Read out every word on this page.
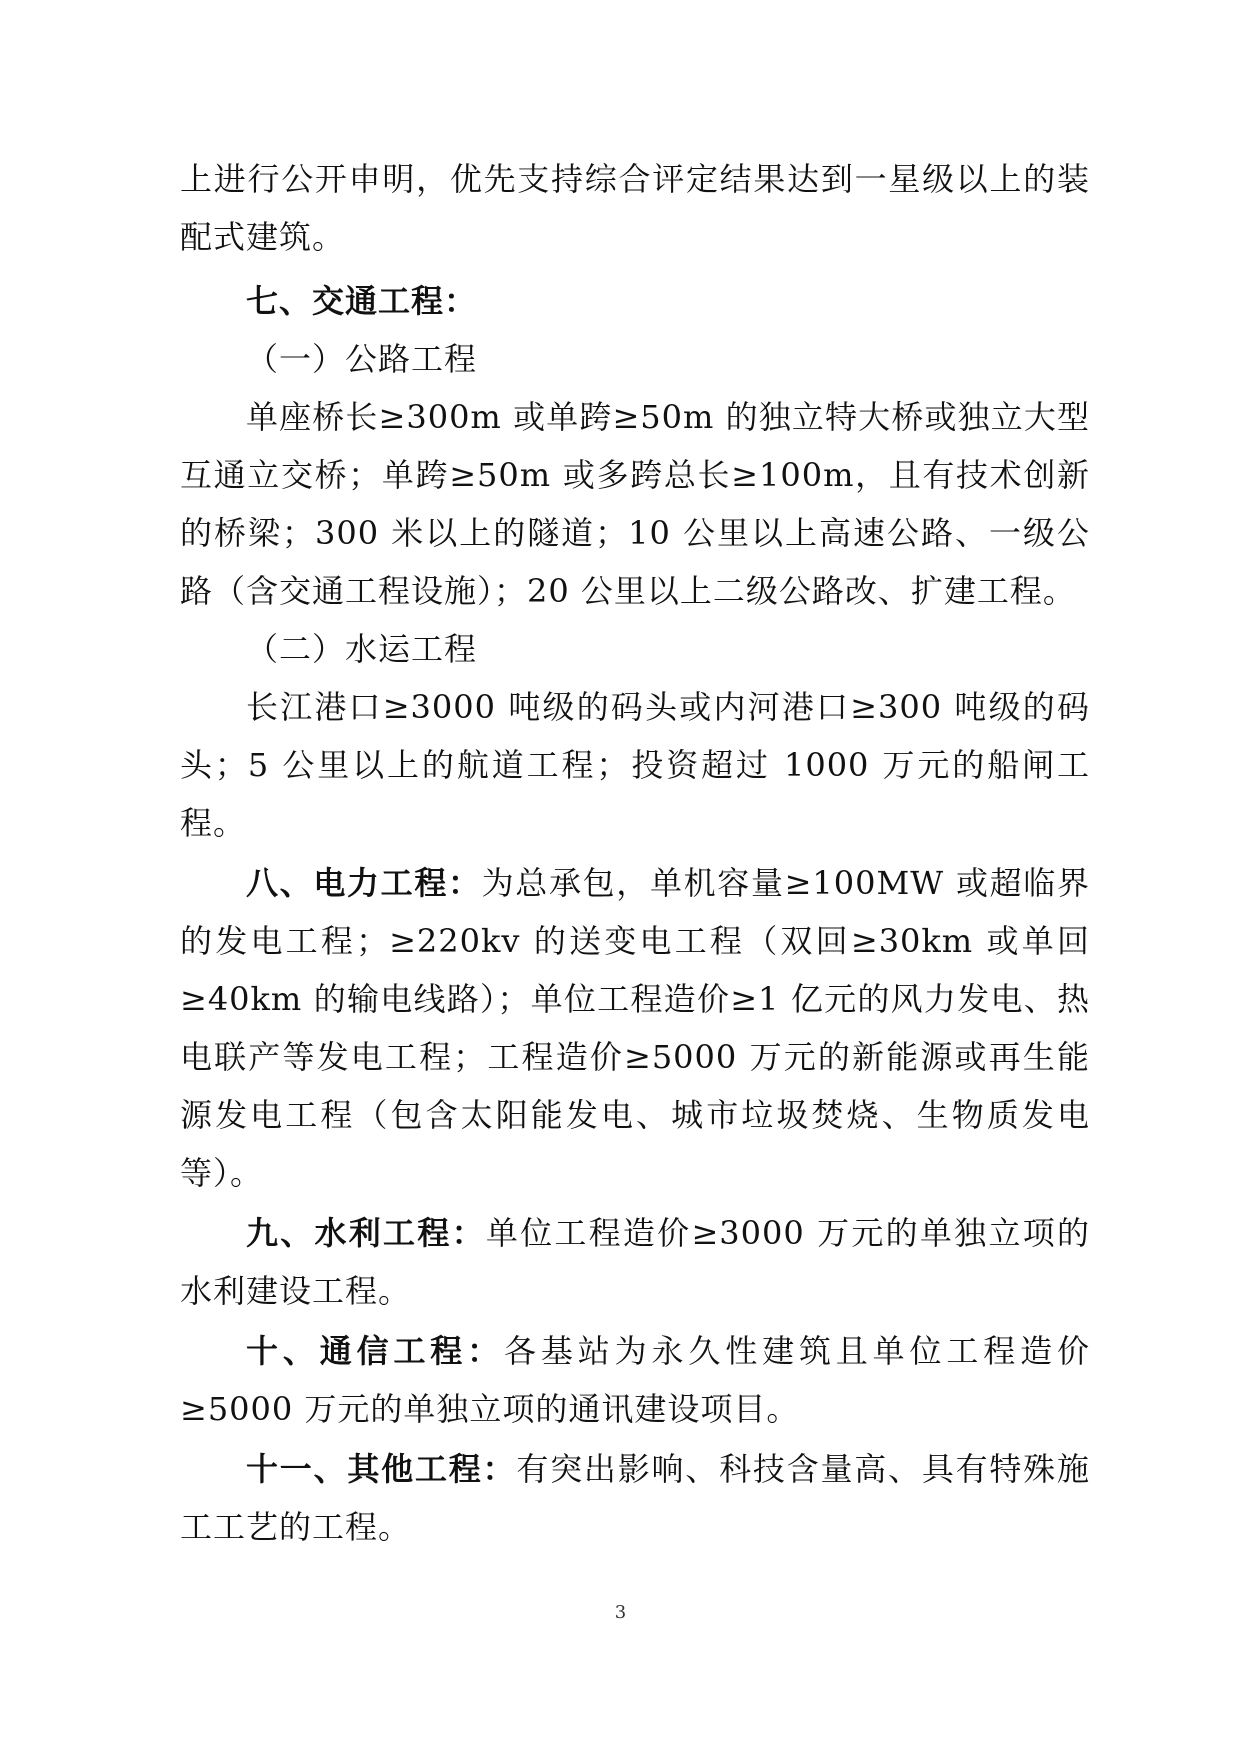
上进行公开申明，优先支持综合评定结果达到一星级以上的装配式建筑。

七、交通工程：

（一）公路工程

单座桥长≥300m 或单跨≥50m 的独立特大桥或独立大型互通立交桥；单跨≥50m 或多跨总长≥100m，且有技术创新的桥梁；300 米以上的隧道；10 公里以上高速公路、一级公路（含交通工程设施）；20 公里以上二级公路改、扩建工程。

（二）水运工程

长江港口≥3000 吨级的码头或内河港口≥300 吨级的码头；5 公里以上的航道工程；投资超过 1000 万元的船闸工程。

八、电力工程：为总承包，单机容量≥100MW 或超临界的发电工程；≥220kv 的送变电工程（双回≥30km 或单回≥40km 的输电线路）；单位工程造价≥1 亿元的风力发电、热电联产等发电工程；工程造价≥5000 万元的新能源或再生能源发电工程（包含太阳能发电、城市垃圾焚烧、生物质发电等）。

九、水利工程：单位工程造价≥3000 万元的单独立项的水利建设工程。

十、通信工程：各基站为永久性建筑且单位工程造价≥5000 万元的单独立项的通讯建设项目。

十一、其他工程：有突出影响、科技含量高、具有特殊施工工艺的工程。

3
